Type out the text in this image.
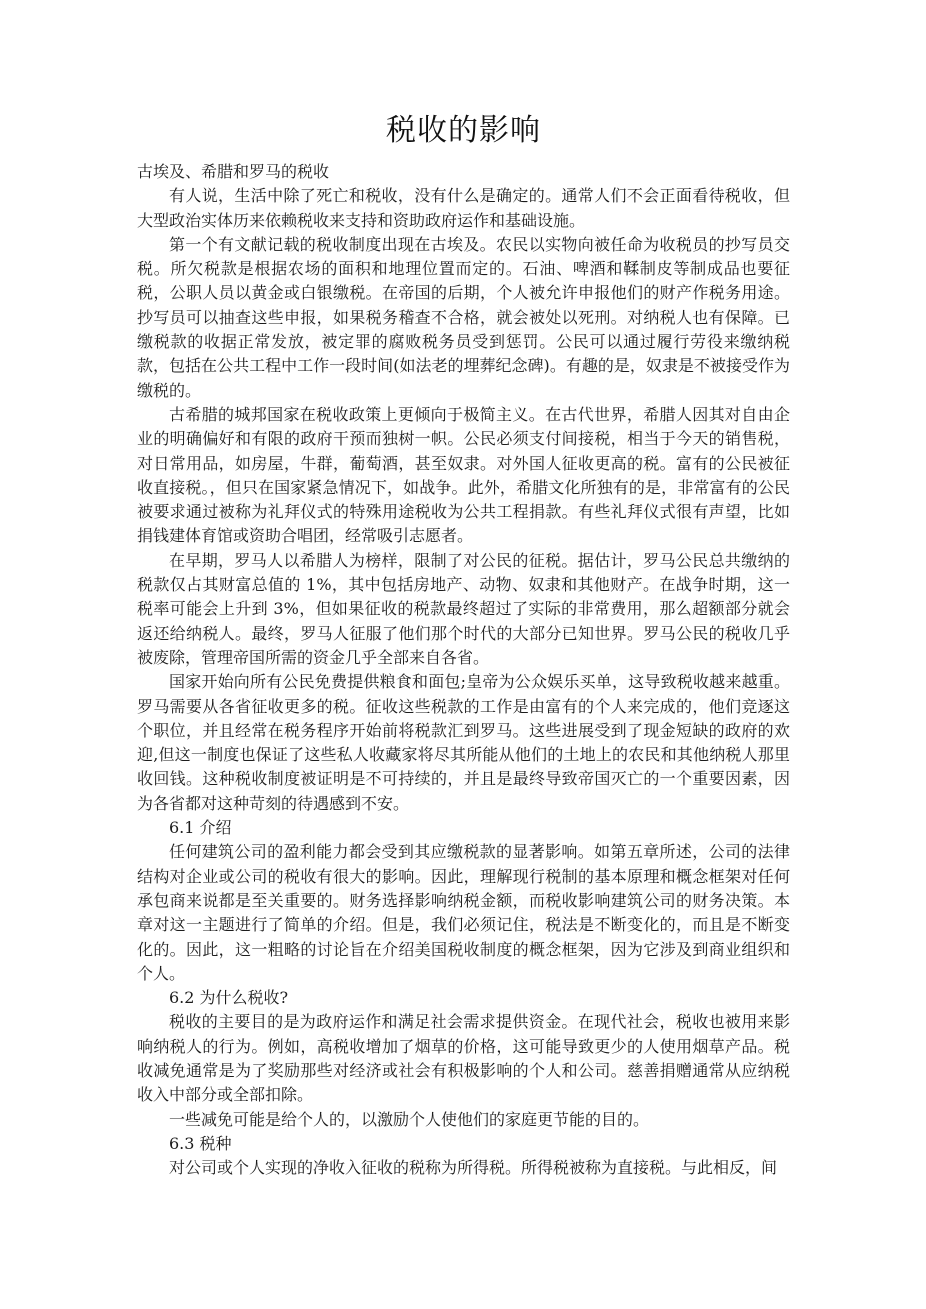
税收的影响
古埃及、希腊和罗马的税收
有人说，生活中除了死亡和税收，没有什么是确定的。通常人们不会正面看待税收，但大型政治实体历来依赖税收来支持和资助政府运作和基础设施。
第一个有文献记载的税收制度出现在古埃及。农民以实物向被任命为收税员的抄写员交税。所欠税款是根据农场的面积和地理位置而定的。石油、啤酒和鞣制皮等制成品也要征税，公职人员以黄金或白银缴税。在帝国的后期，个人被允许申报他们的财产作税务用途。抄写员可以抽查这些申报，如果税务稽查不合格，就会被处以死刑。对纳税人也有保障。已缴税款的收据正常发放，被定罪的腐败税务员受到惩罚。公民可以通过履行劳役来缴纳税款，包括在公共工程中工作一段时间(如法老的埋葬纪念碑)。有趣的是，奴隶是不被接受作为缴税的。
古希腊的城邦国家在税收政策上更倾向于极简主义。在古代世界，希腊人因其对自由企业的明确偏好和有限的政府干预而独树一帜。公民必须支付间接税，相当于今天的销售税，对日常用品，如房屋，牛群，葡萄酒，甚至奴隶。对外国人征收更高的税。富有的公民被征收直接税。，但只在国家紧急情况下，如战争。此外，希腊文化所独有的是，非常富有的公民被要求通过被称为礼拜仪式的特殊用途税收为公共工程捐款。有些礼拜仪式很有声望，比如捐钱建体育馆或资助合唱团，经常吸引志愿者。
在早期，罗马人以希腊人为榜样，限制了对公民的征税。据估计，罗马公民总共缴纳的税款仅占其财富总值的 1%，其中包括房地产、动物、奴隶和其他财产。在战争时期，这一税率可能会上升到 3%，但如果征收的税款最终超过了实际的非常费用，那么超额部分就会返还给纳税人。最终，罗马人征服了他们那个时代的大部分已知世界。罗马公民的税收几乎被废除，管理帝国所需的资金几乎全部来自各省。
国家开始向所有公民免费提供粮食和面包;皇帝为公众娱乐买单，这导致税收越来越重。罗马需要从各省征收更多的税。征收这些税款的工作是由富有的个人来完成的，他们竞逐这个职位，并且经常在税务程序开始前将税款汇到罗马。这些进展受到了现金短缺的政府的欢迎,但这一制度也保证了这些私人收藏家将尽其所能从他们的土地上的农民和其他纳税人那里收回钱。这种税收制度被证明是不可持续的，并且是最终导致帝国灭亡的一个重要因素，因为各省都对这种苛刻的待遇感到不安。
6.1 介绍
任何建筑公司的盈利能力都会受到其应缴税款的显著影响。如第五章所述，公司的法律结构对企业或公司的税收有很大的影响。因此，理解现行税制的基本原理和概念框架对任何承包商来说都是至关重要的。财务选择影响纳税金额，而税收影响建筑公司的财务决策。本章对这一主题进行了简单的介绍。但是，我们必须记住，税法是不断变化的，而且是不断变化的。因此，这一粗略的讨论旨在介绍美国税收制度的概念框架，因为它涉及到商业组织和个人。
6.2 为什么税收?
税收的主要目的是为政府运作和满足社会需求提供资金。在现代社会，税收也被用来影响纳税人的行为。例如，高税收增加了烟草的价格，这可能导致更少的人使用烟草产品。税收减免通常是为了奖励那些对经济或社会有积极影响的个人和公司。慈善捐赠通常从应纳税收入中部分或全部扣除。
一些减免可能是给个人的，以激励个人使他们的家庭更节能的目的。
6.3 税种
对公司或个人实现的净收入征收的税称为所得税。所得税被称为直接税。与此相反，间
